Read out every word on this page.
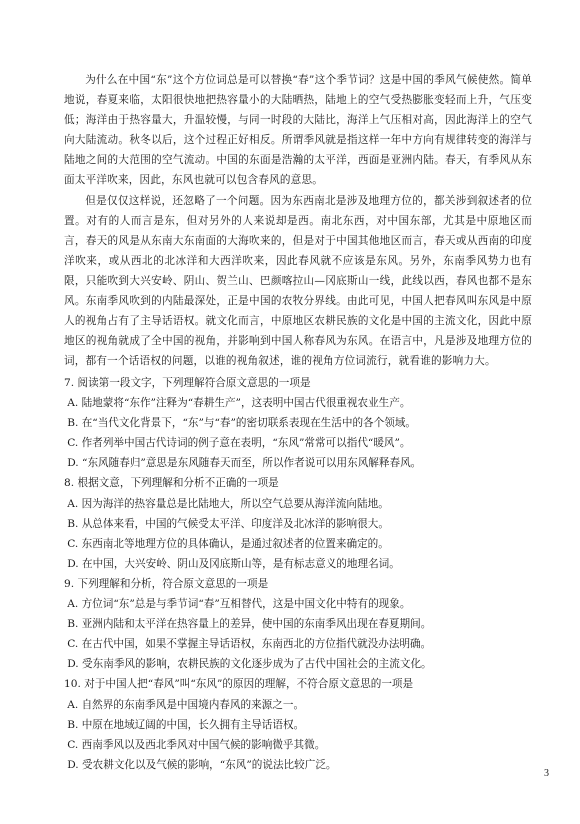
为什么在中国“东”这个方位词总是可以替换“春”这个季节词？这是中国的季风气候使然。简单地说，春夏来临，太阳很快地把热容量小的大陆晒热，陆地上的空气受热膨胀变轻而上升，气压变低；海洋由于热容量大，升温较慢，与同一时段的大陆比，海洋上气压相对高，因此海洋上的空气向大陆流动。秋冬以后，这个过程正好相反。所谓季风就是指这样一年中方向有规律转变的海洋与陆地之间的大范围的空气流动。中国的东面是浩瀚的太平洋，西面是亚洲内陆。春天，有季风从东面太平洋吹来，因此，东风也就可以包含春风的意思。

但是仅仅这样说，还忽略了一个问题。因为东西南北是涉及地理方位的，都关涉到叙述者的位置。对有的人而言是东，但对另外的人来说却是西。南北东西，对中国东部，尤其是中原地区而言，春天的风是从东南大东南面的大海吹来的，但是对于中国其他地区而言，春天或从西南的印度洋吹来，或从西北的北冰洋和大西洋吹来，因此春风就不应该是东风。另外，东南季风势力也有限，只能吹到大兴安岭、阴山、贺兰山、巴颜喀拉山—冈底斯山一线，此线以西，春风也都不是东风。东南季风吹到的内陆最深处，正是中国的农牧分界线。由此可见，中国人把春风叫东风是中原人的视角占有了主导话语权。就文化而言，中原地区农耕民族的文化是中国的主流文化，因此中原地区的视角就成了全中国的视角，并影响到中国人称春风为东风。在语言中，凡是涉及地理方位的词，都有一个话语权的问题，以谁的视角叙述，谁的视角方位词流行，就看谁的影响力大。

7. 阅读第一段文字，下列理解符合原文意思的一项是

A. 陆地蒙将“东作”注释为“春耕生产”，这表明中国古代很重视农业生产。

B. 在“当代文化背景下，“东”与“春”的密切联系表现在生活中的各个领域。

C. 作者列举中国古代诗词的例子意在表明，“东风”常常可以指代“暖风”。

D. “东风随春归”意思是东风随春天而至，所以作者说可以用东风解释春风。

8. 根据文意，下列理解和分析不正确的一项是

A. 因为海洋的热容量总是比陆地大，所以空气总要从海洋流向陆地。

B. 从总体来看，中国的气候受太平洋、印度洋及北冰洋的影响很大。

C. 东西南北等地理方位的具体确认，是通过叙述者的位置来确定的。

D. 在中国，大兴安岭、阴山及冈底斯山等，是有标志意义的地理名词。

9. 下列理解和分析，符合原文意思的一项是

A. 方位词“东”总是与季节词“春”互相替代，这是中国文化中特有的现象。

B. 亚洲内陆和太平洋在热容量上的差异，使中国的东南季风出现在春夏期间。

C. 在古代中国，如果不掌握主导话语权，东南西北的方位指代就没办法明确。

D. 受东南季风的影响，农耕民族的文化逐步成为了古代中国社会的主流文化。

10. 对于中国人把“春风”叫“东风”的原因的理解，不符合原文意思的一项是

A. 自然界的东南季风是中国境内春风的来源之一。

B. 中原在地域辽阔的中国，长久拥有主导话语权。

C. 西南季风以及西北季风对中国气候的影响微乎其微。

D. 受农耕文化以及气候的影响，“东风”的说法比较广泛。

3
